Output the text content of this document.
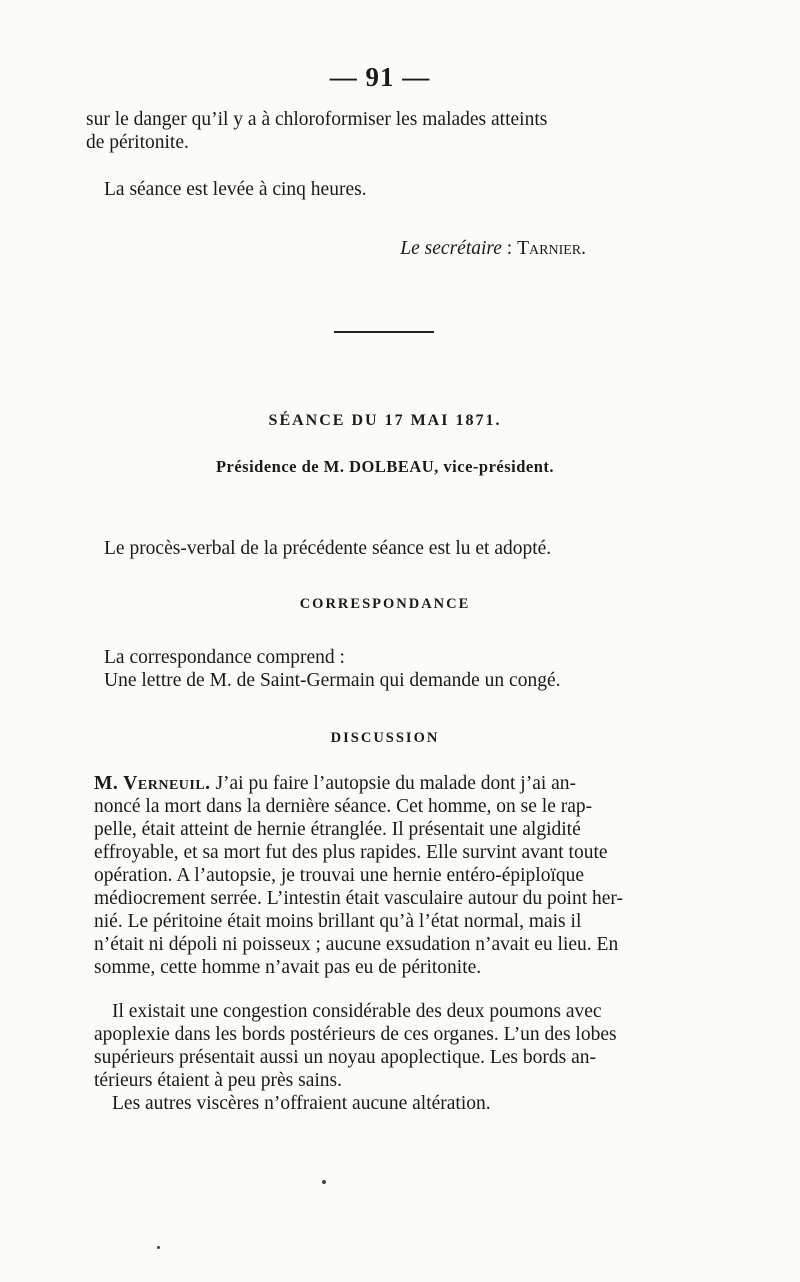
— 91 —
sur le danger qu’il y a à chloroformiser les malades atteints
de péritonite.
La séance est levée à cinq heures.
Le secrétaire : Tarnier.
SÉANCE DU 17 MAI 1871.
Présidence de M. DOLBEAU, vice-président.
Le procès-verbal de la précédente séance est lu et adopté.
CORRESPONDANCE
La correspondance comprend :
Une lettre de M. de Saint-Germain qui demande un congé.
DISCUSSION
M. Verneuil. J’ai pu faire l’autopsie du malade dont j’ai an-
noncé la mort dans la dernière séance. Cet homme, on se le rap-
pelle, était atteint de hernie étranglée. Il présentait une algidité
effroyable, et sa mort fut des plus rapides. Elle survint avant toute
opération. A l’autopsie, je trouvai une hernie entéro-épiploïque
médiocrement serrée. L’intestin était vasculaire autour du point her-
nié. Le péritoine était moins brillant qu’à l’état normal, mais il
n’était ni dépoli ni poisseux ; aucune exsudation n’avait eu lieu. En
somme, cette homme n’avait pas eu de péritonite.
Il existait une congestion considérable des deux poumons avec
apoplexie dans les bords postérieurs de ces organes. L’un des lobes
supérieurs présentait aussi un noyau apoplectique. Les bords an-
térieurs étaient à peu près sains.
Les autres viscères n’offraient aucune altération.
